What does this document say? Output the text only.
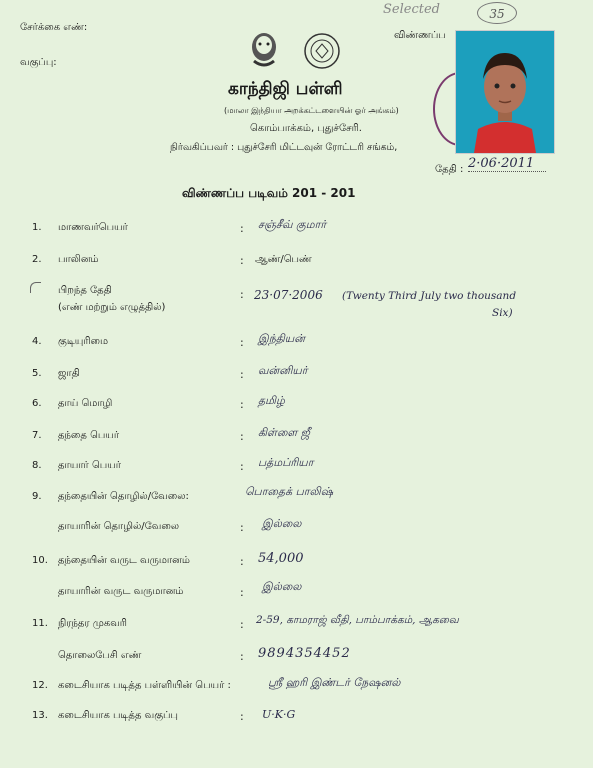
சேர்க்கை எண்:
வகுப்பு:
விண்ணப்ப
Selected	35
காந்திஜி பள்ளி
(மாலா இந்தியா அறக்கட்டளையின் ஓர் அங்கம்)
கொம்பாக்கம், புதுச்சேரி.
நிர்வகிப்பவர் : புதுச்சேரி மிட்டவுன் ரோட்டரி சங்கம்,
தேதி : 2·06·2011
விண்ணப்ப படிவம் 201 - 201
1. மாணவர்பெயர்	: சஞ்சீவ் குமார்
2. பாலினம்	: ஆண்/பெண்
பிறந்த தேதி
(எண் மற்றும் எழுத்தில்)
: 23·07·2006 (Twenty Third July two thousand
Six)
4. குடியுரிமை	: இந்தியன்
5. ஜாதி	: வன்னியர்
6. தாய் மொழி	: தமிழ்
7. தந்தை பெயர்	: கிள்ளை ஜீ
8. தாயார் பெயர்	: பத்மப்ரியா
9. தந்தையின் தொழில்/வேலை:	பொதைக் பாலிஷ்
தாயாரின் தொழில்/வேலை	: இல்லை
10. தந்தையின் வருட வருமானம்	: 54,000
தாயாரின் வருட வருமானம்	: இல்லை
11. நிரந்தர முகவரி	: 2-59, காமராஜ் வீதி, பாம்பாக்கம், ஆகவை
தொலைபேசி எண்	: 9894354452
12. கடைசியாக படித்த பள்ளியின் பெயர் :	ஸ்ரீ ஹரி இண்டர் நேஷனல்
13. கடைசியாக படித்த வகுப்பு	: U·K·G
